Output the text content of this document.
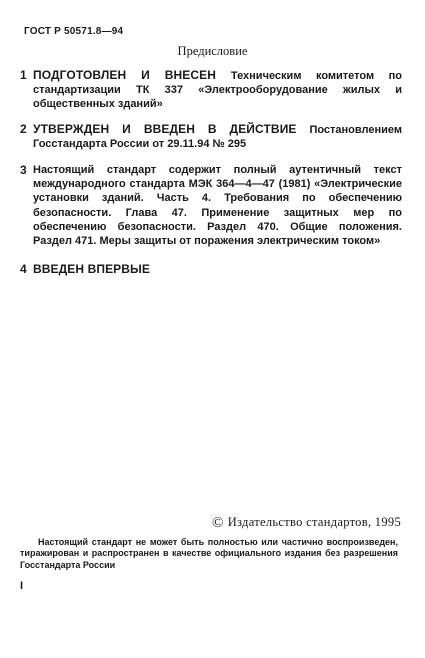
ГОСТ Р 50571.8—94
Предисловие
1 ПОДГОТОВЛЕН И ВНЕСЕН Техническим комитетом по стандартизации ТК 337 «Электрооборудование жилых и общественных зданий»
2 УТВЕРЖДЕН И ВВЕДЕН В ДЕЙСТВИЕ Постановлением Госстандарта России от 29.11.94 № 295
3 Настоящий стандарт содержит полный аутентичный текст международного стандарта МЭК 364—4—47 (1981) «Электрические установки зданий. Часть 4. Требования по обеспечению безопасности. Глава 47. Применение защитных мер по обеспечению безопасности. Раздел 470. Общие положения. Раздел 471. Меры защиты от поражения электрическим током»
4 ВВЕДЕН ВПЕРВЫЕ
© Издательство стандартов, 1995
Настоящий стандарт не может быть полностью или частично воспроизведен, тиражирован и распространен в качестве официального издания без разрешения Госстандарта России
I
